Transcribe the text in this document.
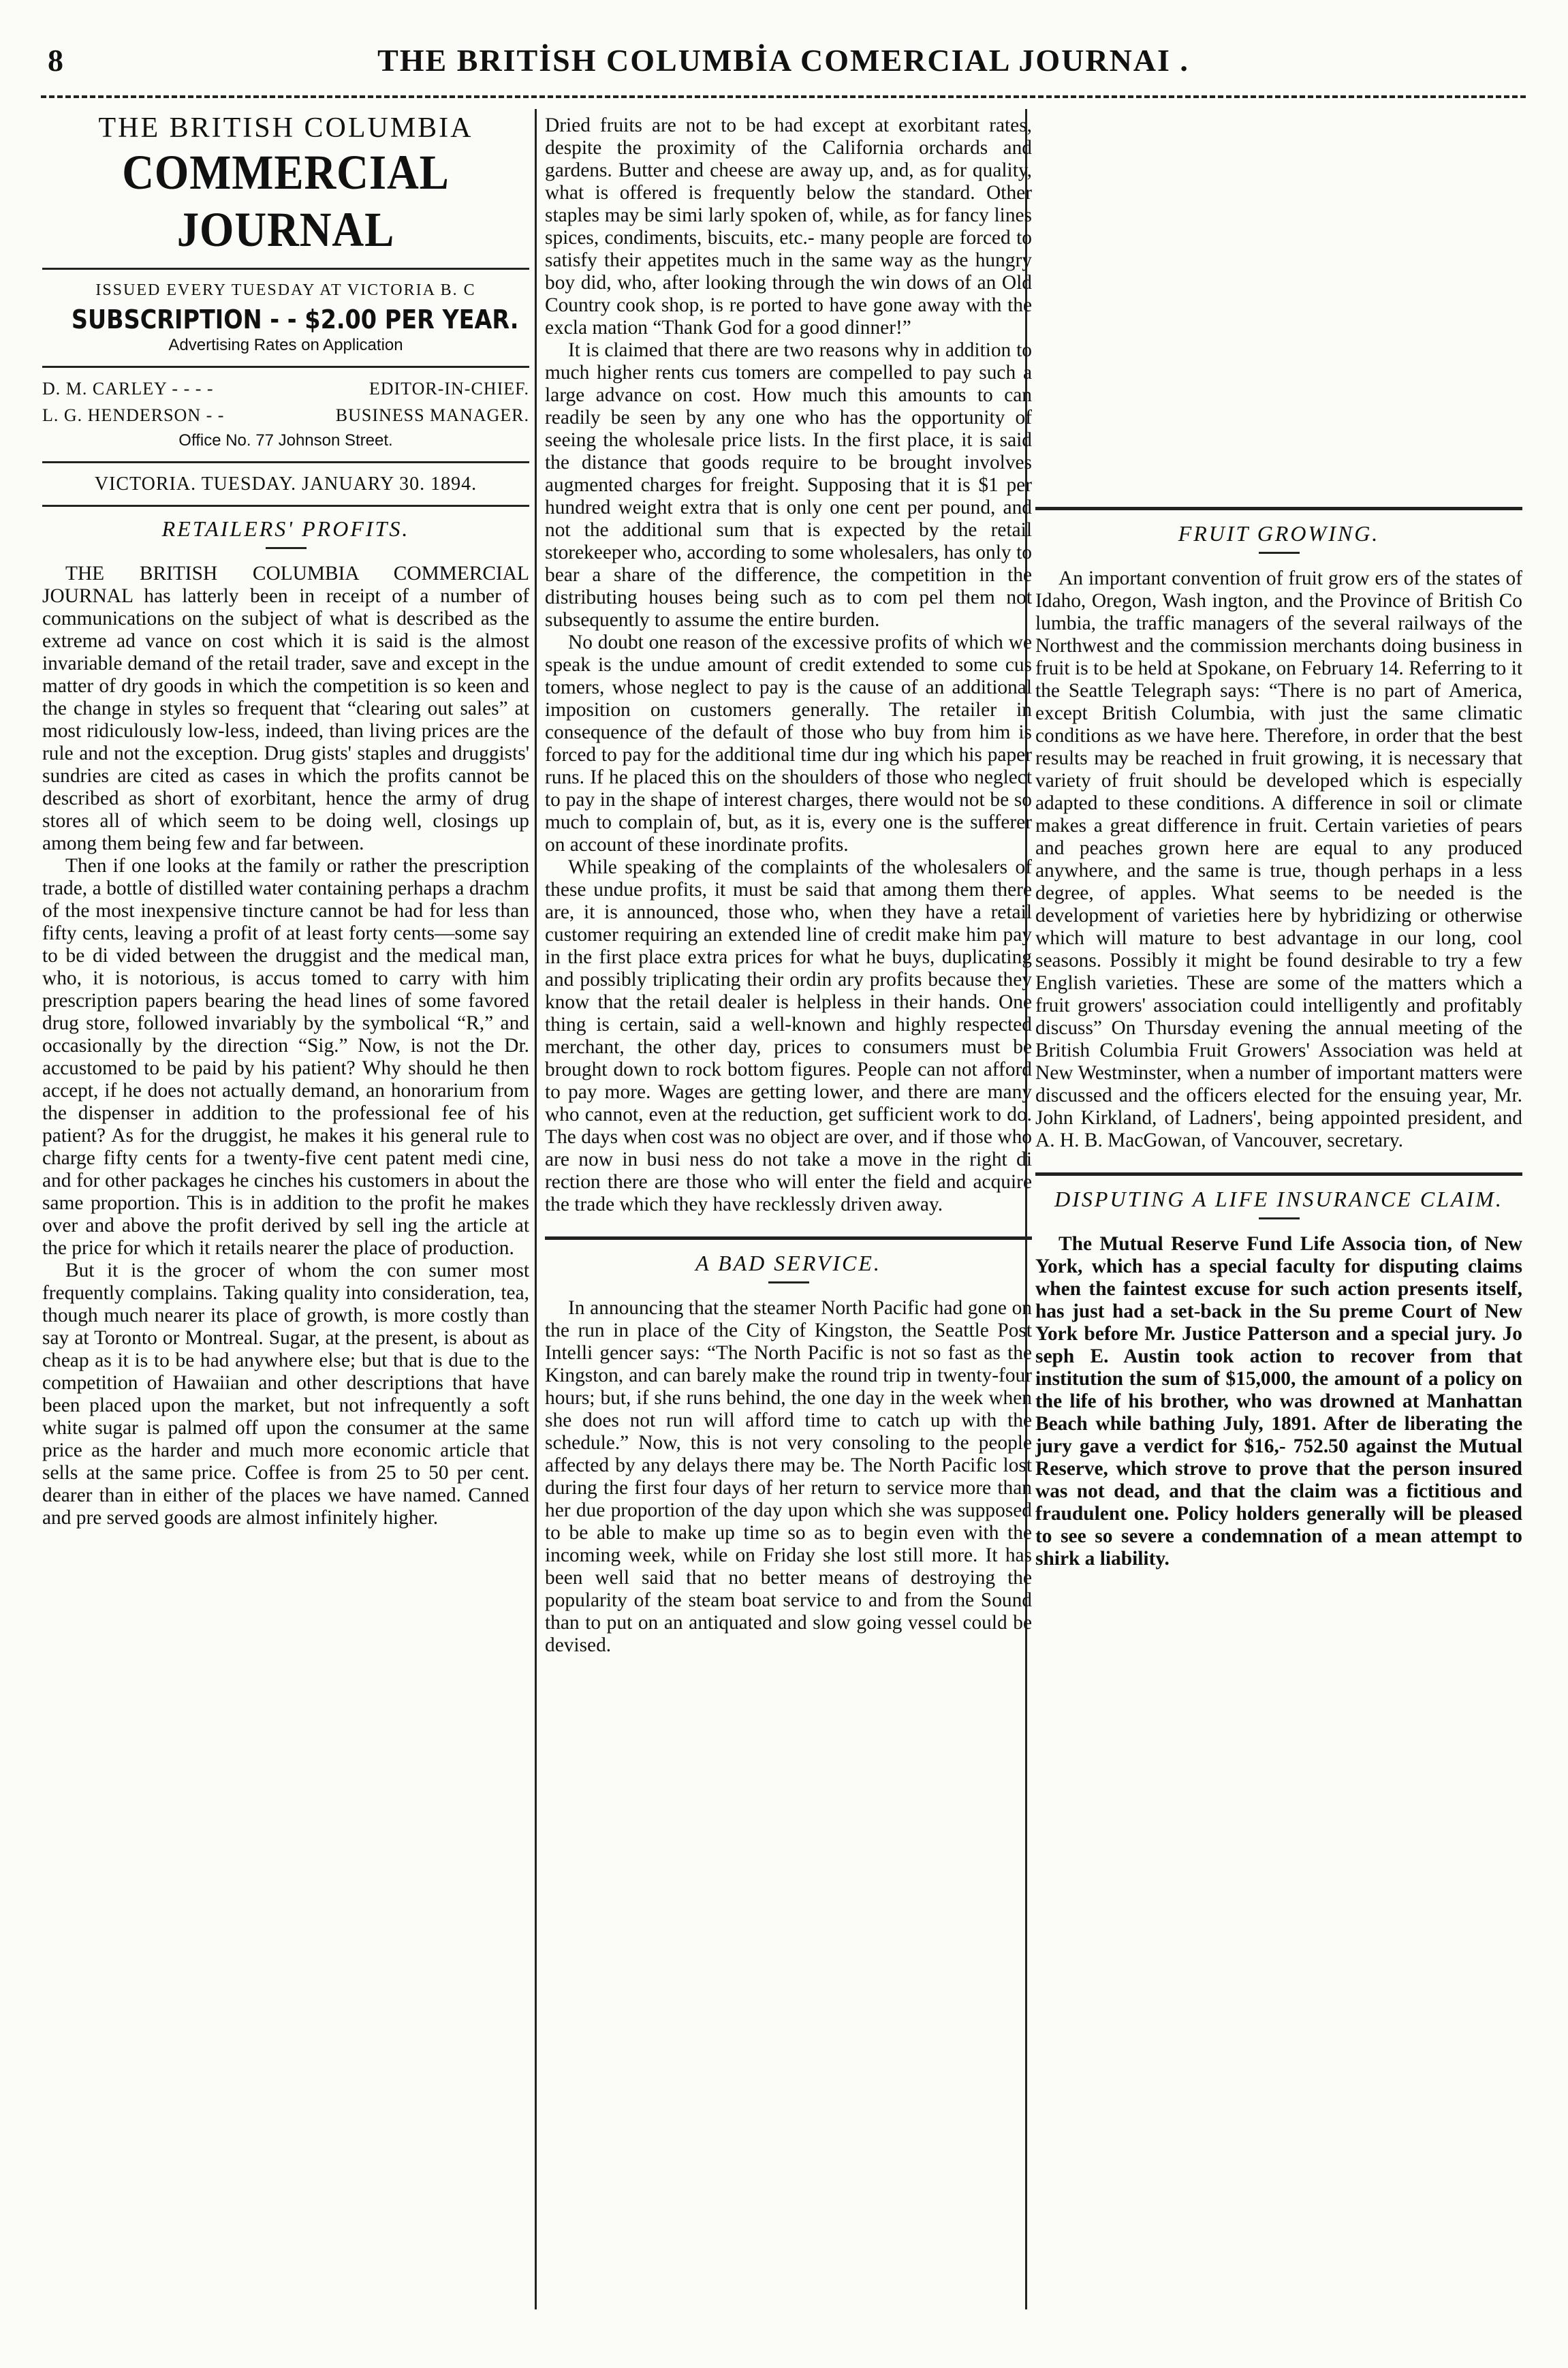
8	THE BRITİSH COLUMBİA COMERCIAL JOURNAI .
THE BRITISH COLUMBIA
COMMERCIAL JOURNAL
ISSUED EVERY TUESDAY AT VICTORIA B. C
SUBSCRIPTION - - $2.00 PER YEAR.
Advertising Rates on Application
D. M. CARLEY - - - -	EDITOR-IN-CHIEF.
L. G. HENDERSON - -	BUSINESS MANAGER.
Office No. 77 Johnson Street.
VICTORIA. TUESDAY. JANUARY 30. 1894.
RETAILERS' PROFITS.

THE BRITISH COLUMBIA COMMERCIAL JOURNAL has latterly been in receipt of a number of communications on the subject of what is described as the extreme ad vance on cost which it is said is the almost invariable demand of the retail trader, save and except in the matter of dry goods in which the competition is so keen and the change in styles so frequent that “clearing out sales” at most ridiculously low-less, indeed, than living prices are the rule and not the exception. Drug gists' staples and druggists' sundries are cited as cases in which the profits cannot be described as short of exorbitant, hence the army of drug stores all of which seem to be doing well, closings up among them being few and far between.

Then if one looks at the family or rather the prescription trade, a bottle of distilled water containing perhaps a drachm of the most inexpensive tincture cannot be had for less than fifty cents, leaving a profit of at least forty cents—some say to be di vided between the druggist and the medical man, who, it is notorious, is accus tomed to carry with him prescription papers bearing the head lines of some favored drug store, followed invariably by the symbolical “R,” and occasionally by the direction “Sig.” Now, is not the Dr. accustomed to be paid by his patient? Why should he then accept, if he does not actually demand, an honorarium from the dispenser in addition to the professional fee of his patient? As for the druggist, he makes it his general rule to charge fifty cents for a twenty-five cent patent medi cine, and for other packages he cinches his customers in about the same proportion. This is in addition to the profit he makes over and above the profit derived by sell ing the article at the price for which it retails nearer the place of production.

But it is the grocer of whom the con sumer most frequently complains. Taking quality into consideration, tea, though much nearer its place of growth, is more costly than say at Toronto or Montreal. Sugar, at the present, is about as cheap as it is to be had anywhere else; but that is due to the competition of Hawaiian and other descriptions that have been placed upon the market, but not infrequently a soft white sugar is palmed off upon the consumer at the same price as the harder and much more economic article that sells at the same price. Coffee is from 25 to 50 per cent. dearer than in either of the places we have named. Canned and pre served goods are almost infinitely higher.

Dried fruits are not to be had except at exorbitant rates, despite the proximity of the California orchards and gardens. Butter and cheese are away up, and, as for quality, what is offered is frequently below the standard. Other staples may be simi larly spoken of, while, as for fancy lines spices, condiments, biscuits, etc.- many people are forced to satisfy their appetites much in the same way as the hungry boy did, who, after looking through the win dows of an Old Country cook shop, is re ported to have gone away with the excla mation “Thank God for a good dinner!”

It is claimed that there are two reasons why in addition to much higher rents cus tomers are compelled to pay such a large advance on cost. How much this amounts to can readily be seen by any one who has the opportunity of seeing the wholesale price lists. In the first place, it is said the distance that goods require to be brought involves augmented charges for freight. Supposing that it is $1 per hundred weight extra that is only one cent per pound, and not the additional sum that is expected by the retail storekeeper who, according to some wholesalers, has only to bear a share of the difference, the competition in the distributing houses being such as to com pel them not subsequently to assume the entire burden.

No doubt one reason of the excessive profits of which we speak is the undue amount of credit extended to some cus tomers, whose neglect to pay is the cause of an additional imposition on customers generally. The retailer in consequence of the default of those who buy from him is forced to pay for the additional time dur ing which his paper runs. If he placed this on the shoulders of those who neglect to pay in the shape of interest charges, there would not be so much to complain of, but, as it is, every one is the sufferer on account of these inordinate profits.

While speaking of the complaints of the wholesalers of these undue profits, it must be said that among them there are, it is announced, those who, when they have a retail customer requiring an extended line of credit make him pay in the first place extra prices for what he buys, duplicating and possibly triplicating their ordin ary profits because they know that the retail dealer is helpless in their hands. One thing is certain, said a well-known and highly respected merchant, the other day, prices to consumers must be brought down to rock bottom figures. People can not afford to pay more. Wages are getting lower, and there are many who cannot, even at the reduction, get sufficient work to do. The days when cost was no object are over, and if those who are now in busi ness do not take a move in the right di rection there are those who will enter the field and acquire the trade which they have recklessly driven away.

A BAD SERVICE.

In announcing that the steamer North Pacific had gone on the run in place of the City of Kingston, the Seattle Post Intelli gencer says: “The North Pacific is not so fast as the Kingston, and can barely make the round trip in twenty-four hours; but, if she runs behind, the one day in the week when she does not run will afford time to catch up with the schedule.” Now, this is not very consoling to the people affected by any delays there may be. The North Pacific lost during the first four days of her return to service more than her due proportion of the day upon which she was supposed to be able to make up time so as to begin even with the incoming week, while on Friday she lost still more. It has been well said that no better means of destroying the popularity of the steam boat service to and from the Sound than to put on an antiquated and slow going vessel could be devised.

FRUIT GROWING.

An important convention of fruit grow ers of the states of Idaho, Oregon, Wash ington, and the Province of British Co lumbia, the traffic managers of the several railways of the Northwest and the commission merchants doing business in fruit is to be held at Spokane, on February 14. Referring to it the Seattle Telegraph says: “There is no part of America, except British Columbia, with just the same climatic conditions as we have here. Therefore, in order that the best results may be reached in fruit growing, it is necessary that variety of fruit should be developed which is especially adapted to these conditions. A difference in soil or climate makes a great difference in fruit. Certain varieties of pears and peaches grown here are equal to any produced anywhere, and the same is true, though perhaps in a less degree, of apples. What seems to be needed is the development of varieties here by hybridizing or otherwise which will mature to best advantage in our long, cool seasons. Possibly it might be found desirable to try a few English varieties. These are some of the matters which a fruit growers' association could intelligently and profitably discuss” On Thursday evening the annual meeting of the British Columbia Fruit Growers' Association was held at New Westminster, when a number of important matters were discussed and the officers elected for the ensuing year, Mr. John Kirkland, of Ladners', being appointed president, and A. H. B. MacGowan, of Vancouver, secretary.

DISPUTING A LIFE INSURANCE CLAIM.

The Mutual Reserve Fund Life Associa tion, of New York, which has a special faculty for disputing claims when the faintest excuse for such action presents itself, has just had a set-back in the Su preme Court of New York before Mr. Justice Patterson and a special jury. Jo seph E. Austin took action to recover from that institution the sum of $15,000, the amount of a policy on the life of his brother, who was drowned at Manhattan Beach while bathing July, 1891. After de liberating the jury gave a verdict for $16,- 752.50 against the Mutual Reserve, which strove to prove that the person insured was not dead, and that the claim was a fictitious and fraudulent one. Policy holders generally will be pleased to see so severe a condemnation of a mean attempt to shirk a liability.
